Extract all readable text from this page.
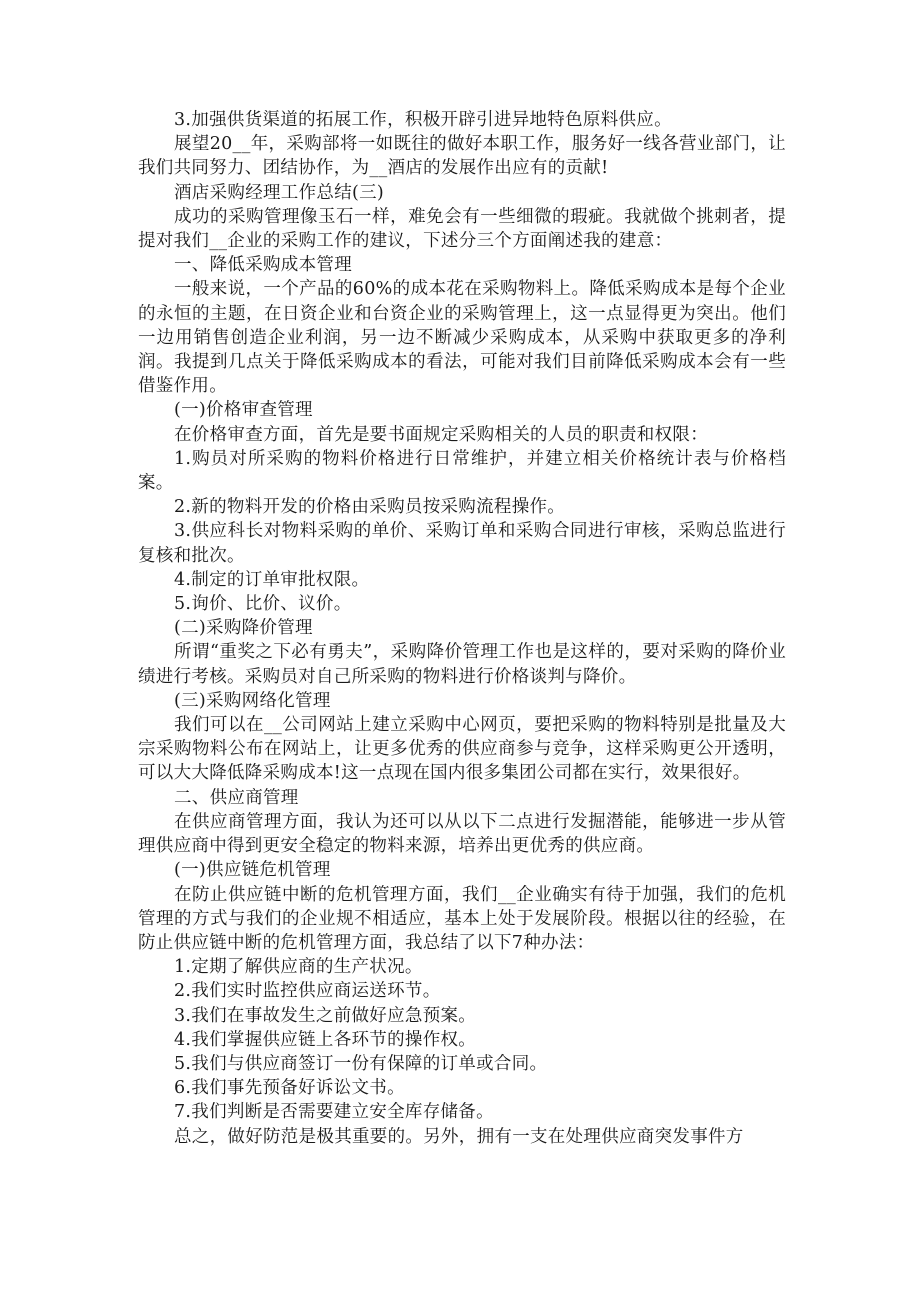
3.加强供货渠道的拓展工作，积极开辟引进异地特色原料供应。

展望20__年，采购部将一如既往的做好本职工作，服务好一线各营业部门，让我们共同努力、团结协作，为__酒店的发展作出应有的贡献!

酒店采购经理工作总结(三)

成功的采购管理像玉石一样，难免会有一些细微的瑕疵。我就做个挑刺者，提提对我们__企业的采购工作的建议，下述分三个方面阐述我的建意：

一、降低采购成本管理

一般来说，一个产品的60%的成本花在采购物料上。降低采购成本是每个企业的永恒的主题，在日资企业和台资企业的采购管理上，这一点显得更为突出。他们一边用销售创造企业利润，另一边不断减少采购成本，从采购中获取更多的净利润。我提到几点关于降低采购成本的看法，可能对我们目前降低采购成本会有一些借鉴作用。

(一)价格审查管理

在价格审查方面，首先是要书面规定采购相关的人员的职责和权限：

1.购员对所采购的物料价格进行日常维护，并建立相关价格统计表与价格档案。

2.新的物料开发的价格由采购员按采购流程操作。

3.供应科长对物料采购的单价、采购订单和采购合同进行审核，采购总监进行复核和批次。

4.制定的订单审批权限。

5.询价、比价、议价。

(二)采购降价管理

所谓“重奖之下必有勇夫”，采购降价管理工作也是这样的，要对采购的降价业绩进行考核。采购员对自己所采购的物料进行价格谈判与降价。

(三)采购网络化管理

我们可以在__公司网站上建立采购中心网页，要把采购的物料特别是批量及大宗采购物料公布在网站上，让更多优秀的供应商参与竞争，这样采购更公开透明，可以大大降低降采购成本!这一点现在国内很多集团公司都在实行，效果很好。

二、供应商管理

在供应商管理方面，我认为还可以从以下二点进行发掘潜能，能够进一步从管理供应商中得到更安全稳定的物料来源，培养出更优秀的供应商。

(一)供应链危机管理

在防止供应链中断的危机管理方面，我们__企业确实有待于加强，我们的危机管理的方式与我们的企业规不相适应，基本上处于发展阶段。根据以往的经验，在防止供应链中断的危机管理方面，我总结了以下7种办法：

1.定期了解供应商的生产状况。

2.我们实时监控供应商运送环节。

3.我们在事故发生之前做好应急预案。

4.我们掌握供应链上各环节的操作权。

5.我们与供应商签订一份有保障的订单或合同。

6.我们事先预备好诉讼文书。

7.我们判断是否需要建立安全库存储备。

总之，做好防范是极其重要的。另外，拥有一支在处理供应商突发事件方
